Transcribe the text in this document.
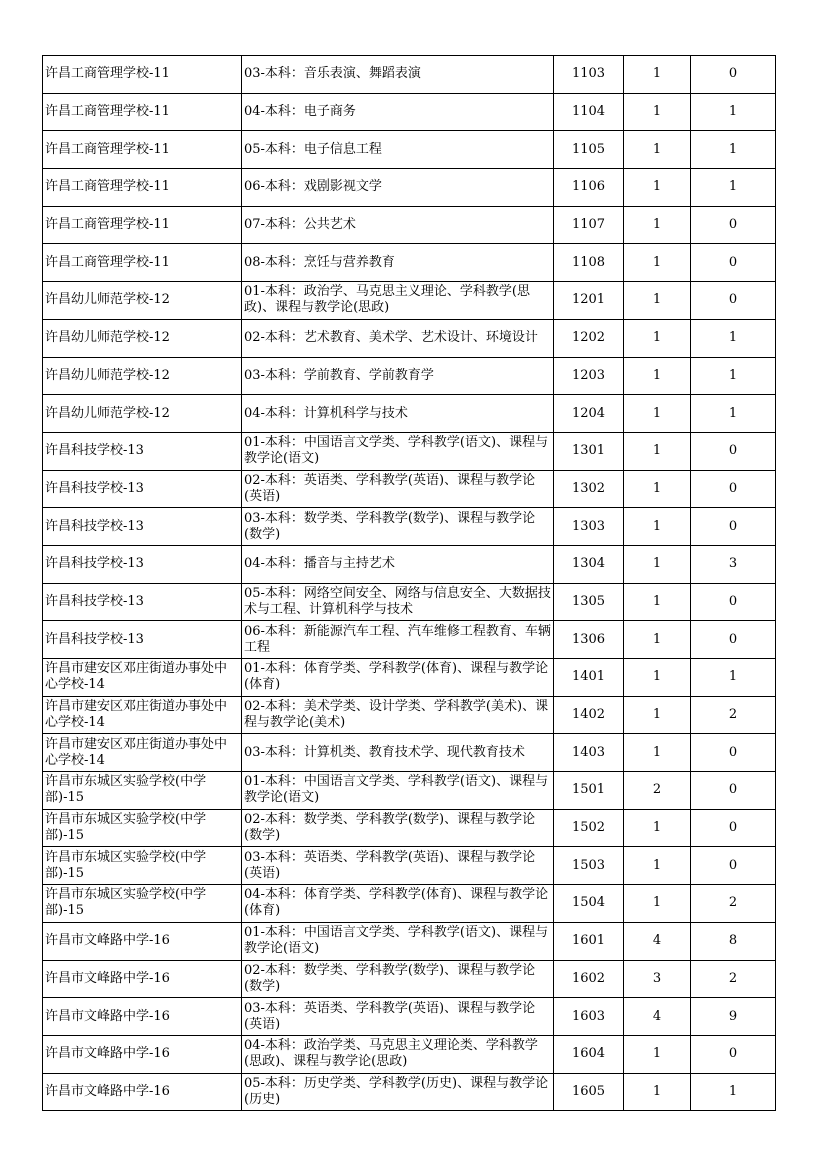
许昌工商管理学校-11	03-本科：音乐表演、舞蹈表演	1103	1	0
许昌工商管理学校-11	04-本科：电子商务	1104	1	1
许昌工商管理学校-11	05-本科：电子信息工程	1105	1	1
许昌工商管理学校-11	06-本科：戏剧影视文学	1106	1	1
许昌工商管理学校-11	07-本科：公共艺术	1107	1	0
许昌工商管理学校-11	08-本科：烹饪与营养教育	1108	1	0
许昌幼儿师范学校-12	01-本科：政治学、马克思主义理论、学科教学(思政)、课程与教学论(思政)	1201	1	0
许昌幼儿师范学校-12	02-本科：艺术教育、美术学、艺术设计、环境设计	1202	1	1
许昌幼儿师范学校-12	03-本科：学前教育、学前教育学	1203	1	1
许昌幼儿师范学校-12	04-本科：计算机科学与技术	1204	1	1
许昌科技学校-13	01-本科：中国语言文学类、学科教学(语文)、课程与教学论(语文)	1301	1	0
许昌科技学校-13	02-本科：英语类、学科教学(英语)、课程与教学论(英语)	1302	1	0
许昌科技学校-13	03-本科：数学类、学科教学(数学)、课程与教学论(数学)	1303	1	0
许昌科技学校-13	04-本科：播音与主持艺术	1304	1	3
许昌科技学校-13	05-本科：网络空间安全、网络与信息安全、大数据技术与工程、计算机科学与技术	1305	1	0
许昌科技学校-13	06-本科：新能源汽车工程、汽车维修工程教育、车辆工程	1306	1	0
许昌市建安区邓庄街道办事处中心学校-14	01-本科：体育学类、学科教学(体育)、课程与教学论(体育)	1401	1	1
许昌市建安区邓庄街道办事处中心学校-14	02-本科：美术学类、设计学类、学科教学(美术)、课程与教学论(美术)	1402	1	2
许昌市建安区邓庄街道办事处中心学校-14	03-本科：计算机类、教育技术学、现代教育技术	1403	1	0
许昌市东城区实验学校(中学部)-15	01-本科：中国语言文学类、学科教学(语文)、课程与教学论(语文)	1501	2	0
许昌市东城区实验学校(中学部)-15	02-本科：数学类、学科教学(数学)、课程与教学论(数学)	1502	1	0
许昌市东城区实验学校(中学部)-15	03-本科：英语类、学科教学(英语)、课程与教学论(英语)	1503	1	0
许昌市东城区实验学校(中学部)-15	04-本科：体育学类、学科教学(体育)、课程与教学论(体育)	1504	1	2
许昌市文峰路中学-16	01-本科：中国语言文学类、学科教学(语文)、课程与教学论(语文)	1601	4	8
许昌市文峰路中学-16	02-本科：数学类、学科教学(数学)、课程与教学论(数学)	1602	3	2
许昌市文峰路中学-16	03-本科：英语类、学科教学(英语)、课程与教学论(英语)	1603	4	9
许昌市文峰路中学-16	04-本科：政治学类、马克思主义理论类、学科教学(思政)、课程与教学论(思政)	1604	1	0
许昌市文峰路中学-16	05-本科：历史学类、学科教学(历史)、课程与教学论(历史)	1605	1	1
